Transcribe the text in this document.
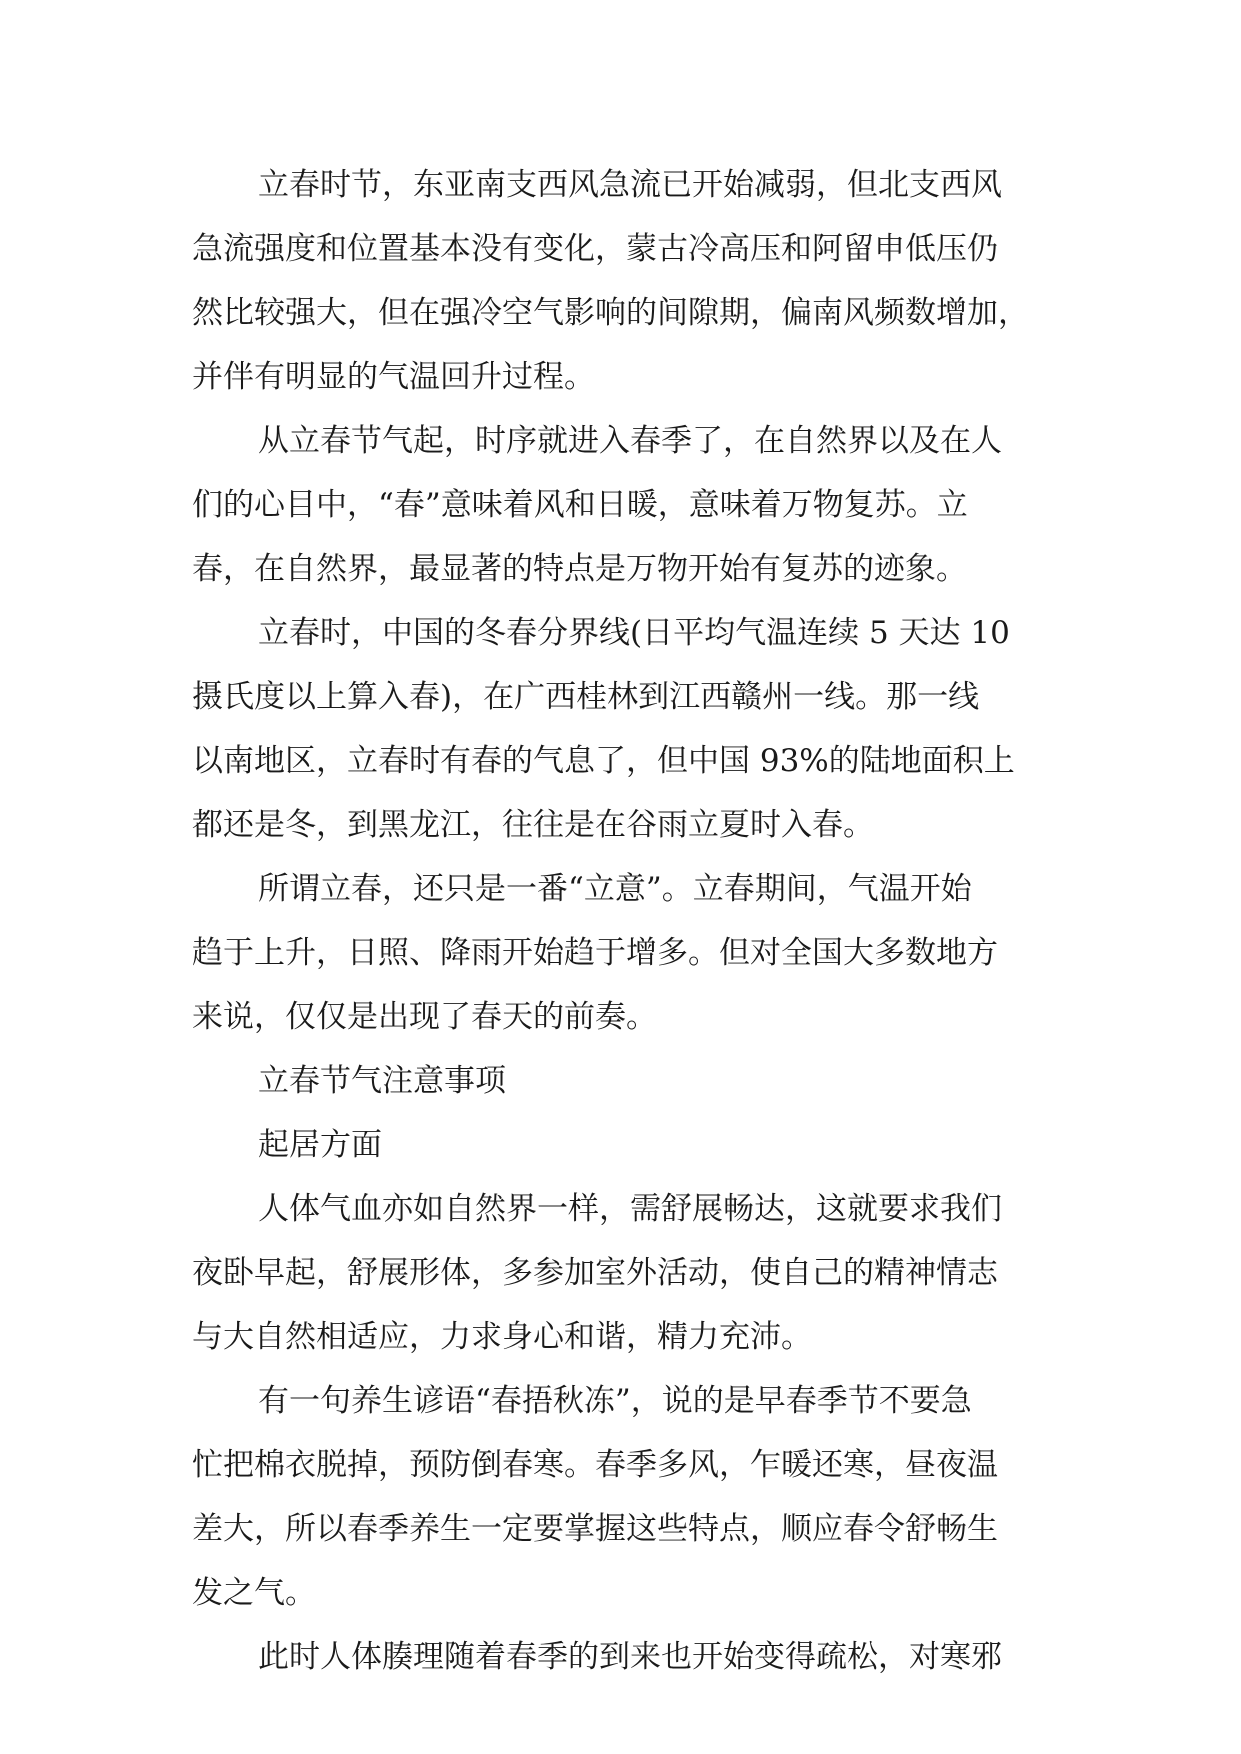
立春时节，东亚南支西风急流已开始减弱，但北支西风
急流强度和位置基本没有变化，蒙古冷高压和阿留申低压仍
然比较强大，但在强冷空气影响的间隙期，偏南风频数增加，
并伴有明显的气温回升过程。
从立春节气起，时序就进入春季了，在自然界以及在人
们的心目中，“春”意味着风和日暖，意味着万物复苏。立
春，在自然界，最显著的特点是万物开始有复苏的迹象。
立春时，中国的冬春分界线(日平均气温连续 5 天达 10
摄氏度以上算入春)，在广西桂林到江西赣州一线。那一线
以南地区，立春时有春的气息了，但中国 93%的陆地面积上
都还是冬，到黑龙江，往往是在谷雨立夏时入春。
所谓立春，还只是一番“立意”。立春期间，气温开始
趋于上升，日照、降雨开始趋于增多。但对全国大多数地方
来说，仅仅是出现了春天的前奏。
立春节气注意事项
起居方面
人体气血亦如自然界一样，需舒展畅达，这就要求我们
夜卧早起，舒展形体，多参加室外活动，使自己的精神情志
与大自然相适应，力求身心和谐，精力充沛。
有一句养生谚语“春捂秋冻”，说的是早春季节不要急
忙把棉衣脱掉，预防倒春寒。春季多风，乍暖还寒，昼夜温
差大，所以春季养生一定要掌握这些特点，顺应春令舒畅生
发之气。
此时人体腠理随着春季的到来也开始变得疏松，对寒邪
